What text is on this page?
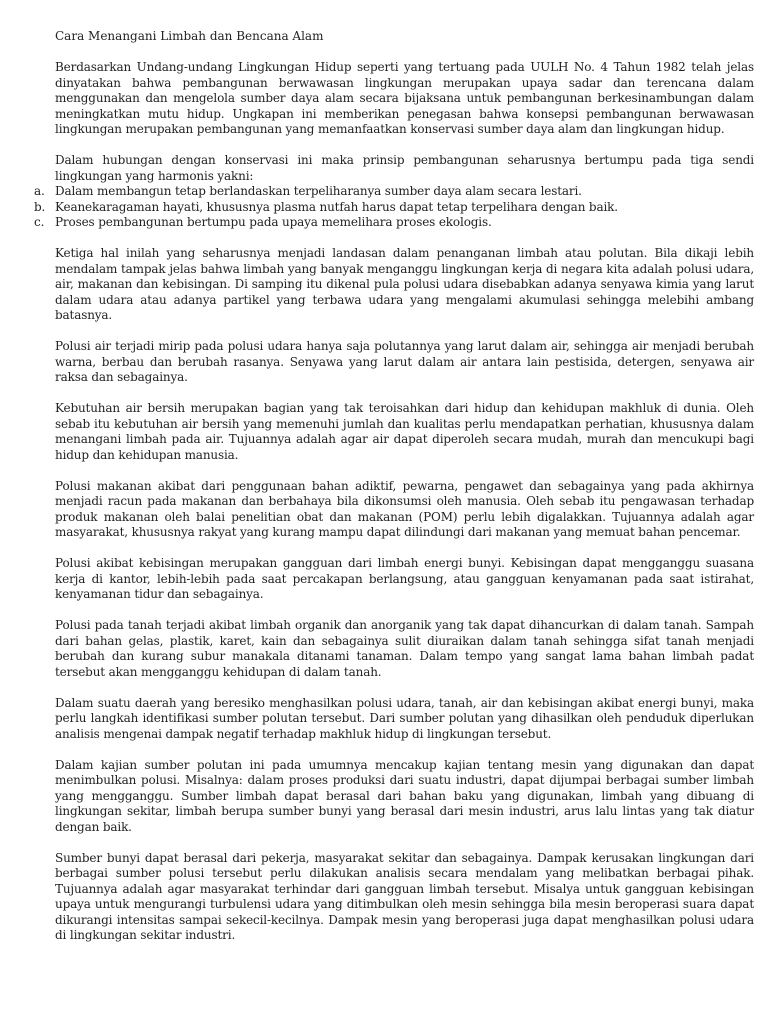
Cara Menangani Limbah dan Bencana Alam

Berdasarkan Undang-undang Lingkungan Hidup seperti yang tertuang pada UULH No. 4 Tahun 1982 telah jelas dinyatakan bahwa pembangunan berwawasan lingkungan merupakan upaya sadar dan terencana dalam menggunakan dan mengelola sumber daya alam secara bijaksana untuk pembangunan berkesinambungan dalam meningkatkan mutu hidup. Ungkapan ini memberikan penegasan bahwa konsepsi pembangunan berwawasan lingkungan merupakan pembangunan yang memanfaatkan konservasi sumber daya alam dan lingkungan hidup.

Dalam hubungan dengan konservasi ini maka prinsip pembangunan seharusnya bertumpu pada tiga sendi lingkungan yang harmonis yakni:

a. Dalam membangun tetap berlandaskan terpeliharanya sumber daya alam secara lestari.
b. Keanekaragaman hayati, khususnya plasma nutfah harus dapat tetap terpelihara dengan baik.
c. Proses pembangunan bertumpu pada upaya memelihara proses ekologis.

Ketiga hal inilah yang seharusnya menjadi landasan dalam penanganan limbah atau polutan. Bila dikaji lebih mendalam tampak jelas bahwa limbah yang banyak menganggu lingkungan kerja di negara kita adalah polusi udara, air, makanan dan kebisingan. Di samping itu dikenal pula polusi udara disebabkan adanya senyawa kimia yang larut dalam udara atau adanya partikel yang terbawa udara yang mengalami akumulasi sehingga melebihi ambang batasnya.

Polusi air terjadi mirip pada polusi udara hanya saja polutannya yang larut dalam air, sehingga air menjadi berubah warna, berbau dan berubah rasanya. Senyawa yang larut dalam air antara lain pestisida, detergen, senyawa air raksa dan sebagainya.

Kebutuhan air bersih merupakan bagian yang tak teroisahkan dari hidup dan kehidupan makhluk di dunia. Oleh sebab itu kebutuhan air bersih yang memenuhi jumlah dan kualitas perlu mendapatkan perhatian, khususnya dalam menangani limbah pada air. Tujuannya adalah agar air dapat diperoleh secara mudah, murah dan mencukupi bagi hidup dan kehidupan manusia.

Polusi makanan akibat dari penggunaan bahan adiktif, pewarna, pengawet dan sebagainya yang pada akhirnya menjadi racun pada makanan dan berbahaya bila dikonsumsi oleh manusia. Oleh sebab itu pengawasan terhadap produk makanan oleh balai penelitian obat dan makanan (POM) perlu lebih digalakkan. Tujuannya adalah agar masyarakat, khususnya rakyat yang kurang mampu dapat dilindungi dari makanan yang memuat bahan pencemar.

Polusi akibat kebisingan merupakan gangguan dari limbah energi bunyi. Kebisingan dapat mengganggu suasana kerja di kantor, lebih-lebih pada saat percakapan berlangsung, atau gangguan kenyamanan pada saat istirahat, kenyamanan tidur dan sebagainya.

Polusi pada tanah terjadi akibat limbah organik dan anorganik yang tak dapat dihancurkan di dalam tanah. Sampah dari bahan gelas, plastik, karet, kain dan sebagainya sulit diuraikan dalam tanah sehingga sifat tanah menjadi berubah dan kurang subur manakala ditanami tanaman. Dalam tempo yang sangat lama bahan limbah padat tersebut akan mengganggu kehidupan di dalam tanah.

Dalam suatu daerah yang beresiko menghasilkan polusi udara, tanah, air dan kebisingan akibat energi bunyi, maka perlu langkah identifikasi sumber polutan tersebut. Dari sumber polutan yang dihasilkan oleh penduduk diperlukan analisis mengenai dampak negatif terhadap makhluk hidup di lingkungan tersebut.

Dalam kajian sumber polutan ini pada umumnya mencakup kajian tentang mesin yang digunakan dan dapat menimbulkan polusi. Misalnya: dalam proses produksi dari suatu industri, dapat dijumpai berbagai sumber limbah yang mengganggu. Sumber limbah dapat berasal dari bahan baku yang digunakan, limbah yang dibuang di lingkungan sekitar, limbah berupa sumber bunyi yang berasal dari mesin industri, arus lalu lintas yang tak diatur dengan baik.

Sumber bunyi dapat berasal dari pekerja, masyarakat sekitar dan sebagainya. Dampak kerusakan lingkungan dari berbagai sumber polusi tersebut perlu dilakukan analisis secara mendalam yang melibatkan berbagai pihak. Tujuannya adalah agar masyarakat terhindar dari gangguan limbah tersebut. Misalya untuk gangguan kebisingan upaya untuk mengurangi turbulensi udara yang ditimbulkan oleh mesin sehingga bila mesin beroperasi suara dapat dikurangi intensitas sampai sekecil-kecilnya. Dampak mesin yang beroperasi juga dapat menghasilkan polusi udara di lingkungan sekitar industri.
